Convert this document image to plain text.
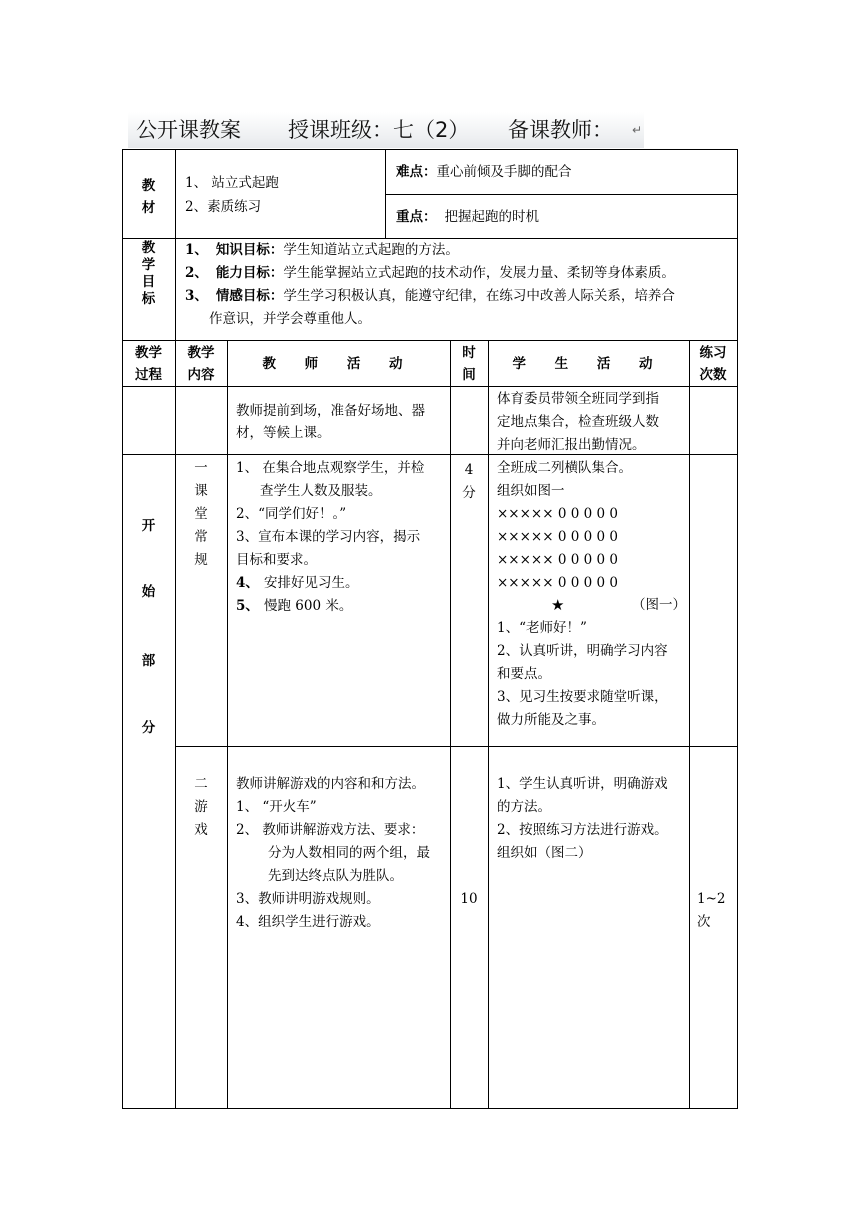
公开课教案 授课班级：七（2） 备课教师： ↵
教
材
1、 站立式起跑
2、素质练习
难点：重心前倾及手脚的配合
重点： 把握起跑的时机
教
学
目
标
1、 知识目标：学生知道站立式起跑的方法。
2、 能力目标：学生能掌握站立式起跑的技术动作，发展力量、柔韧等身体素质。
3、 情感目标：学生学习积极认真，能遵守纪律，在练习中改善人际关系，培养合
作意识，并学会尊重他人。
教学
过程
教学
内容
教 师 活 动
时
间
学 生 活 动
练习
次数
教师提前到场，准备好场地、器
材，等候上课。
体育委员带领全班同学到指
定地点集合，检查班级人数
并向老师汇报出勤情况。
开
始
部
分
一
课
堂
常
规
1、 在集合地点观察学生，并检
查学生人数及服装。
2、“同学们好！。”
3、宣布本课的学习内容，揭示
目标和要求。
4、 安排好见习生。
5、 慢跑 600 米。
4
分
全班成二列横队集合。
组织如图一
××××× 0 0 0 0 0
××××× 0 0 0 0 0
××××× 0 0 0 0 0
××××× 0 0 0 0 0
★	（图一）
1、“老师好！”
2、认真听讲，明确学习内容
和要点。
3、见习生按要求随堂听课，
做力所能及之事。
二
游
戏
教师讲解游戏的内容和和方法。
1、 “开火车”
2、 教师讲解游戏方法、要求：
分为人数相同的两个组，最
先到达终点队为胜队。
3、教师讲明游戏规则。
4、组织学生进行游戏。
10
1、学生认真听讲，明确游戏
的方法。
2、按照练习方法进行游戏。
组织如（图二）
1~2
次
